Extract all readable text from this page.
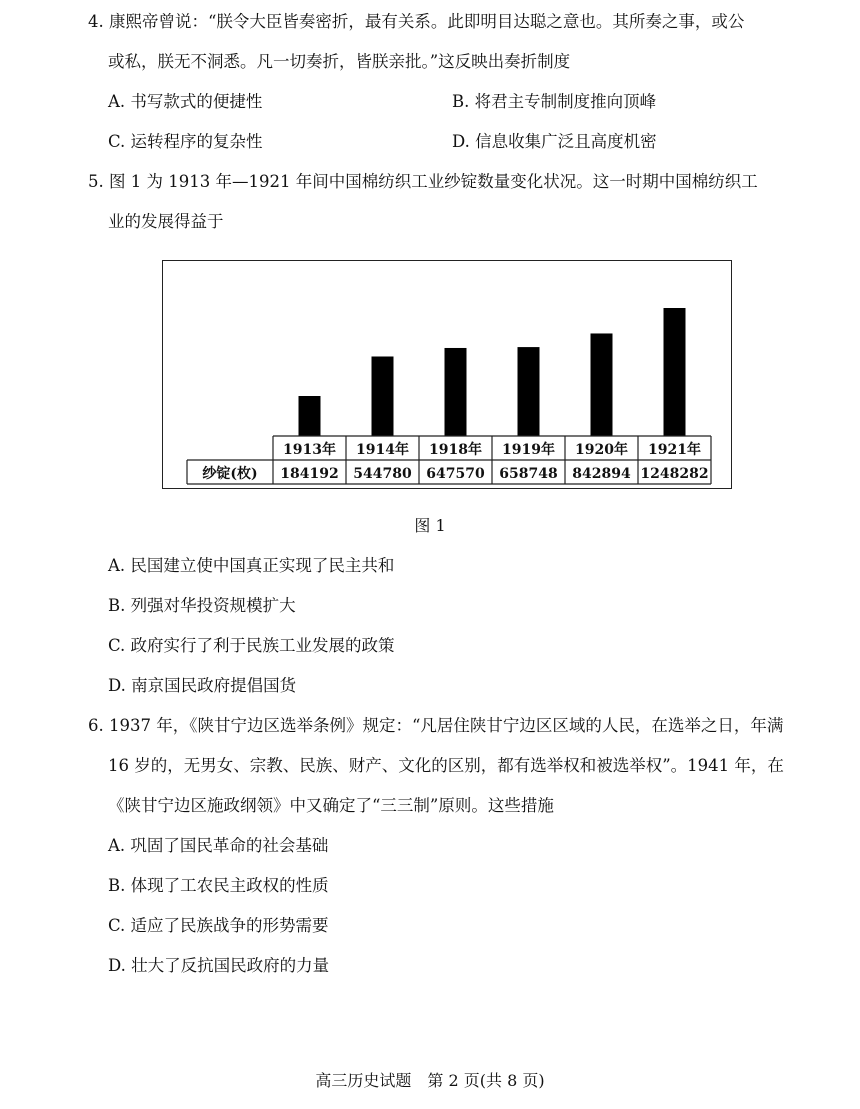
4. 康熙帝曾说：“朕令大臣皆奏密折，最有关系。此即明目达聪之意也。其所奏之事，或公
或私，朕无不洞悉。凡一切奏折，皆朕亲批。”这反映出奏折制度
A. 书写款式的便捷性	B. 将君主专制制度推向顶峰
C. 运转程序的复杂性	D. 信息收集广泛且高度机密
5. 图 1 为 1913 年—1921 年间中国棉纺织工业纱锭数量变化状况。这一时期中国棉纺织工
业的发展得益于
纱锭(枚)
1913年
184192
1914年
544780
1918年
647570
1919年
658748
1920年
842894
1921年
1248282
图 1
A. 民国建立使中国真正实现了民主共和
B. 列强对华投资规模扩大
C. 政府实行了利于民族工业发展的政策
D. 南京国民政府提倡国货
6. 1937 年，《陕甘宁边区选举条例》规定：“凡居住陕甘宁边区区域的人民，在选举之日，年满
16 岁的，无男女、宗教、民族、财产、文化的区别，都有选举权和被选举权”。1941 年，在
《陕甘宁边区施政纲领》中又确定了“三三制”原则。这些措施
A. 巩固了国民革命的社会基础
B. 体现了工农民主政权的性质
C. 适应了民族战争的形势需要
D. 壮大了反抗国民政府的力量
高三历史试题　第 2 页(共 8 页)
